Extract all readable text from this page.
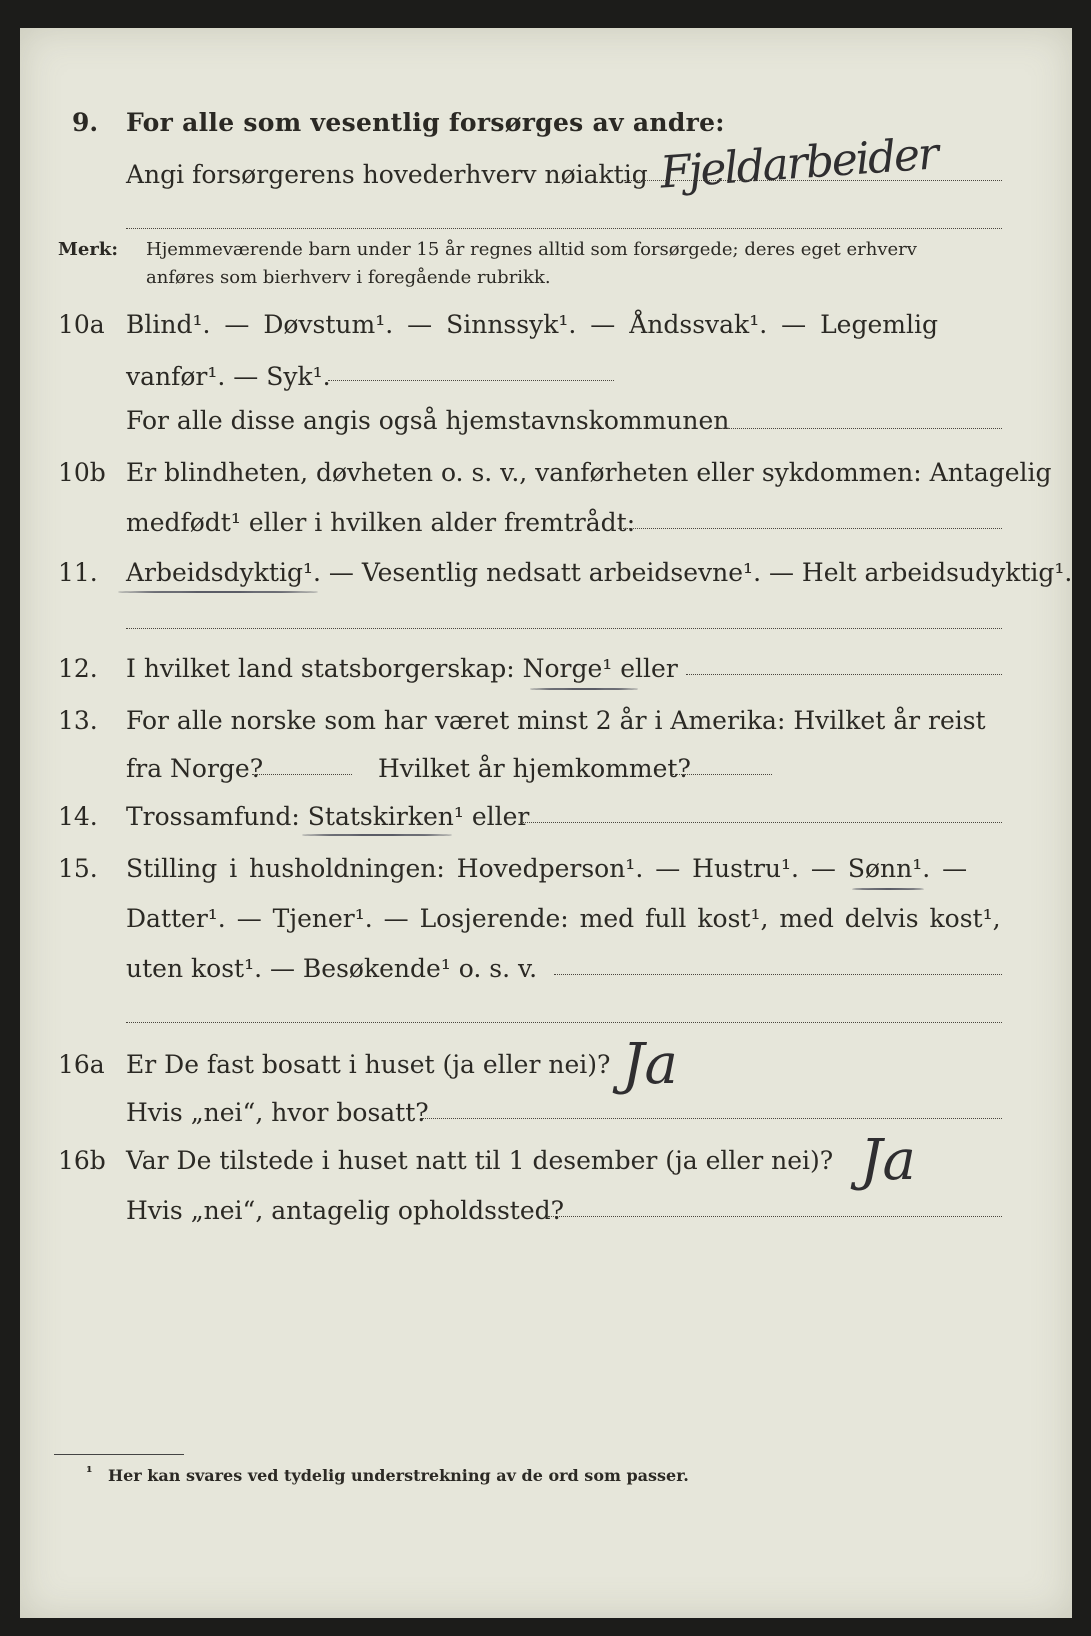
9. For alle som vesentlig forsørges av andre:
Fjeldarbeider
Angi forsørgerens hovederhverv nøiaktig
Merk: Hjemmeværende barn under 15 år regnes alltid som forsørgede; deres eget erhverv
anføres som bierhverv i foregående rubrikk.
10a Blind¹. — Døvstum¹. — Sinnssyk¹. — Åndssvak¹. — Legemlig
vanfør¹. — Syk¹.
For alle disse angis også hjemstavnskommunen
10b Er blindheten, døvheten o. s. v., vanførheten eller sykdommen: Antagelig
medfødt¹ eller i hvilken alder fremtrådt:
11. Arbeidsdyktig¹. — Vesentlig nedsatt arbeidsevne¹. — Helt arbeidsudyktig¹.
12. I hvilket land statsborgerskap: Norge¹ eller
13. For alle norske som har været minst 2 år i Amerika: Hvilket år reist
fra Norge?	Hvilket år hjemkommet?
14. Trossamfund: Statskirken¹ eller
15. Stilling i husholdningen: Hovedperson¹. — Hustru¹. — Sønn¹. —
Datter¹. — Tjener¹. — Losjerende: med full kost¹, med delvis kost¹,
uten kost¹. — Besøkende¹ o. s. v.
16a Er De fast bosatt i huset (ja eller nei)? Ja
Hvis „nei“, hvor bosatt?
16b Var De tilstede i huset natt til 1 desember (ja eller nei)? Ja
Hvis „nei“, antagelig opholdssted?
¹ Her kan svares ved tydelig understrekning av de ord som passer.
